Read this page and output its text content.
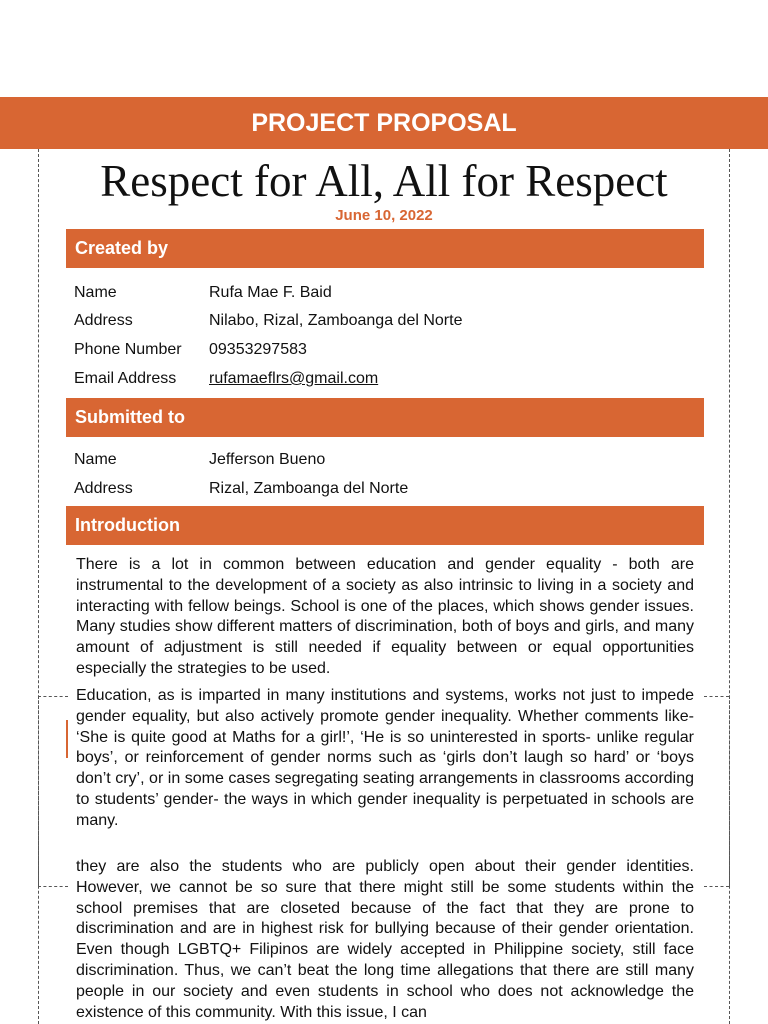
PROJECT PROPOSAL
Respect for All, All for Respect
June 10, 2022
Created by
Name	Rufa Mae F. Baid
Address	Nilabo, Rizal, Zamboanga del Norte
Phone Number 09353297583
Email Address rufamaeflrs@gmail.com
Submitted to
Name	Jefferson Bueno
Address	Rizal, Zamboanga del Norte
Introduction

There is a lot in common between education and gender equality - both are instrumental to the development of a society as also intrinsic to living in a society and interacting with fellow beings. School is one of the places, which shows gender issues. Many studies show different matters of discrimination, both of boys and girls, and many amount of adjustment is still needed if equality between or equal opportunities especially the strategies to be used.

Education, as is imparted in many institutions and systems, works not just to impede gender equality, but also actively promote gender inequality. Whether comments like- ‘She is quite good at Maths for a girl!’, ‘He is so uninterested in sports- unlike regular boys’, or reinforcement of gender norms such as ‘girls don’t laugh so hard’ or ‘boys don’t cry’, or in some cases segregating seating arrangements in classrooms according to students’ gender- the ways in which gender inequality is perpetuated in schools are many.

they are also the students who are publicly open about their gender identities. However, we cannot be so sure that there might still be some students within the school premises that are closeted because of the fact that they are prone to discrimination and are in highest risk for bullying because of their gender orientation. Even though LGBTQ+ Filipinos are widely accepted in Philippine society, still face discrimination. Thus, we can’t beat the long time allegations that there are still many people in our society and even students in school who does not acknowledge the existence of this community. With this issue, I can
